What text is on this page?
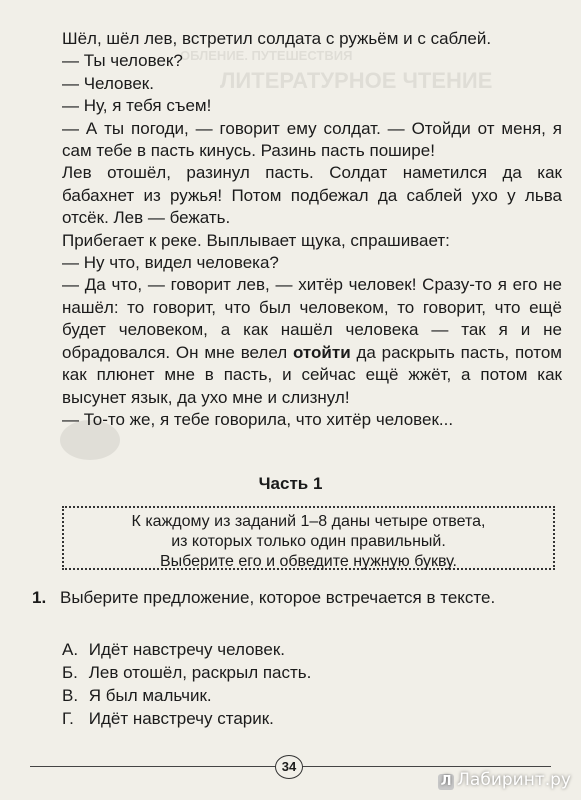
ОБЛЕНИЕ. ПУТЕШЕСТВИЯ
ЛИТЕРАТУРНОЕ ЧТЕНИЕ

Шёл, шёл лев, встретил солдата с ружьём и с саблей.

— Ты человек?

— Человек.

— Ну, я тебя съем!

— А ты погоди, — говорит ему солдат. — Отойди от меня, я сам тебе в пасть кинусь. Разинь пасть пошире!

Лев отошёл, разинул пасть. Солдат наметился да как бабахнет из ружья! Потом подбежал да саблей ухо у льва отсёк. Лев — бежать.

Прибегает к реке. Выплывает щука, спрашивает:

— Ну что, видел человека?

— Да что, — говорит лев, — хитёр человек! Сразу-то я его не нашёл: то говорит, что был человеком, то говорит, что ещё будет человеком, а как нашёл человека — так я и не обрадовался. Он мне велел отойти да раскрыть пасть, потом как плюнет мне в пасть, и сейчас ещё жжёт, а потом как высунет язык, да ухо мне и слизнул!

— То-то же, я тебе говорила, что хитёр человек...

Часть 1
К каждому из заданий 1–8 даны четыре ответа,
из которых только один правильный.
Выберите его и обведите нужную букву.
1. Выберите предложение, которое встречается в тексте.
А. Идёт навстречу человек.
Б. Лев отошёл, раскрыл пасть.
В. Я был мальчик.
Г. Идёт навстречу старик.
34
Л Лабиринт.ру
